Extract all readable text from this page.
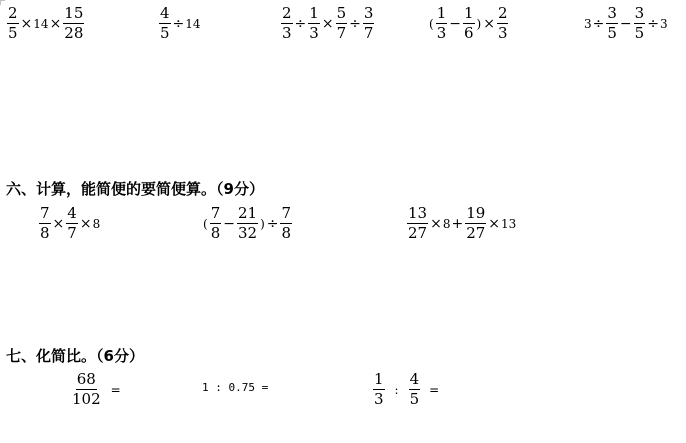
$\frac{2}{5} \times 14 \times \frac{15}{28}$	$\frac{4}{5} \div 14$	$\frac{2}{3} \div \frac{1}{3} \times \frac{5}{7} \div \frac{3}{7}$	( $\frac{1}{3} - \frac{1}{6}$ ) × $\frac{2}{3}$	$3 \div \frac{3}{5} - \frac{3}{5} \div 3$
六、计算，能简便的要简便算。（9分）
$\frac{7}{8} \times \frac{4}{7} \times 8$	( $\frac{7}{8} - \frac{21}{32}$ ) ÷ $\frac{7}{8}$	$\frac{13}{27} \times 8 + \frac{19}{27} \times 13$
七、化简比。（6分）
$\frac{68}{102}$ =	1 : 0.75 =	$\frac{1}{3}$ : $\frac{4}{5}$ =
